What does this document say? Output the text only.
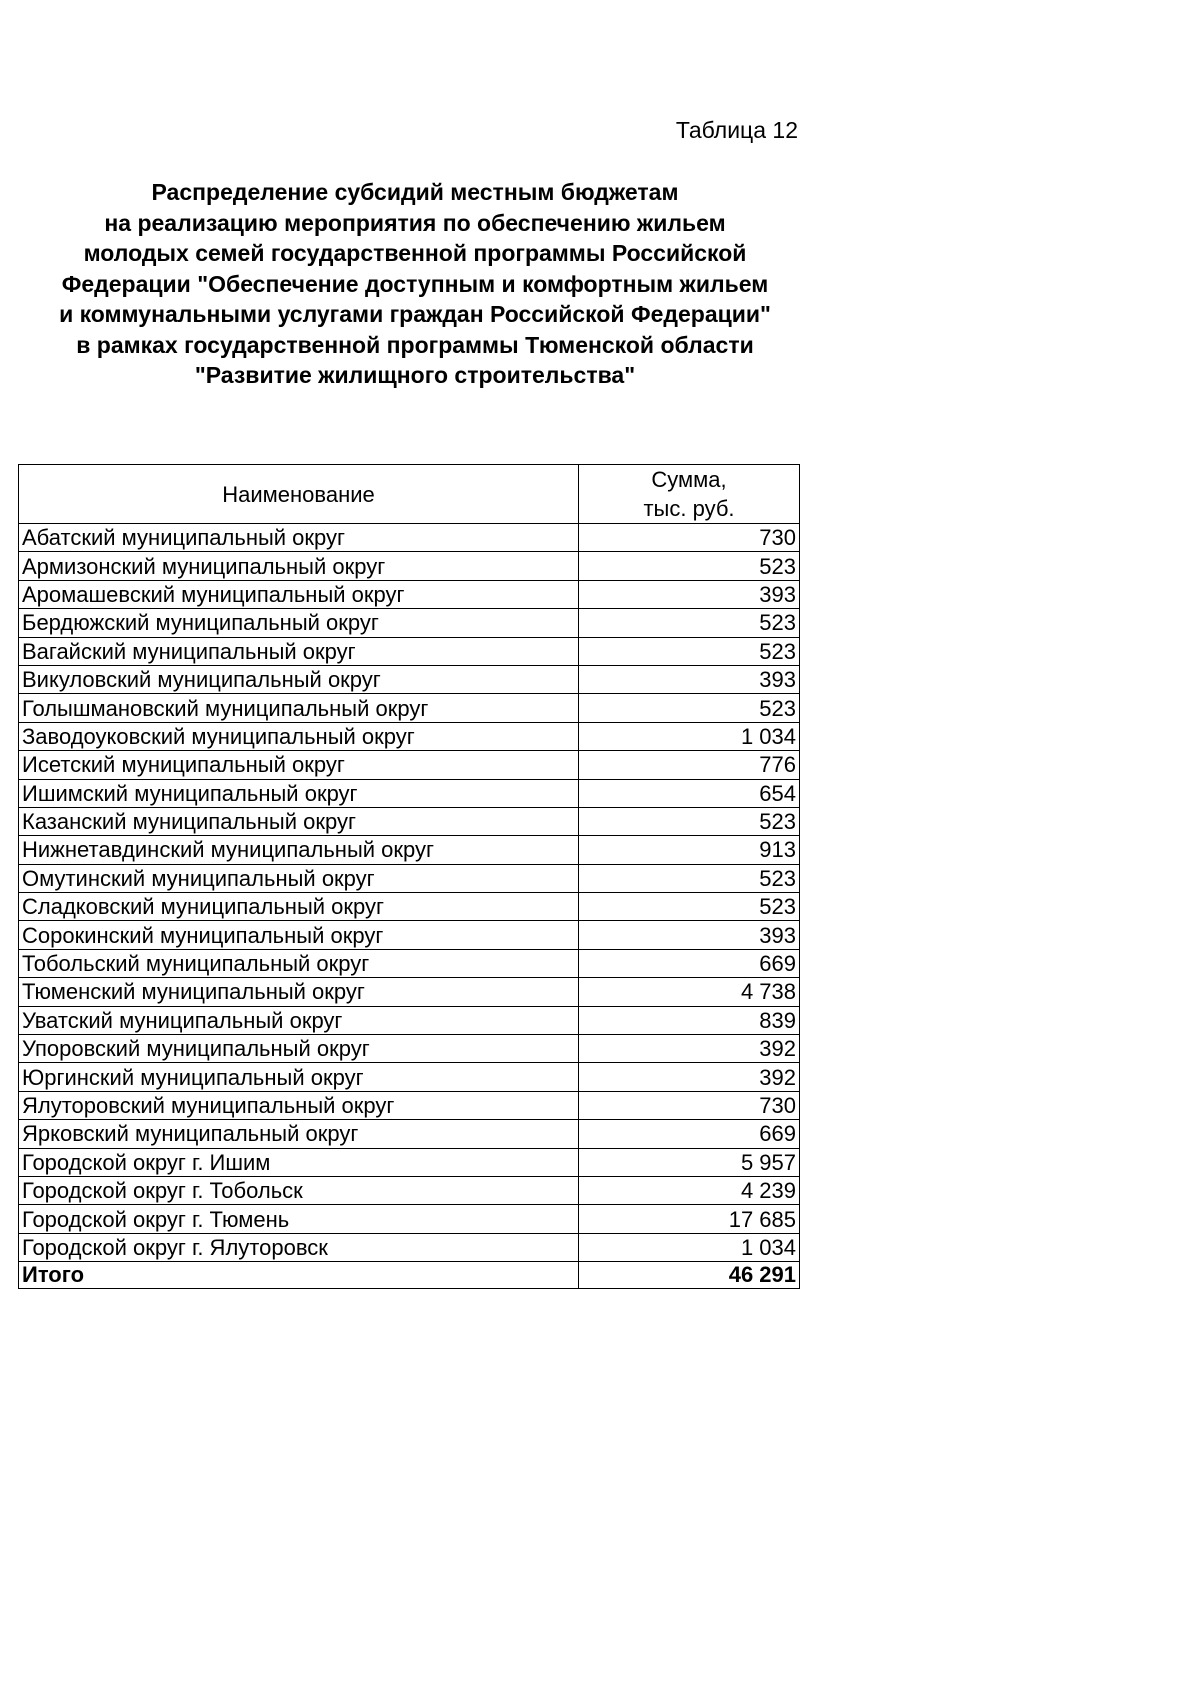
Таблица 12
Распределение субсидий местным бюджетам
на реализацию мероприятия по обеспечению жильем
молодых семей государственной программы Российской
Федерации "Обеспечение доступным и комфортным жильем
и коммунальными услугами граждан Российской Федерации"
в рамках государственной программы Тюменской области
"Развитие жилищного строительства"
Наименование	Сумма,
тыс. руб.

Абатский муниципальный округ	730
Армизонский муниципальный округ	523
Аромашевский муниципальный округ	393
Бердюжский муниципальный округ	523
Вагайский муниципальный округ	523
Викуловский муниципальный округ	393
Голышмановский муниципальный округ	523
Заводоуковский муниципальный округ	1 034
Исетский муниципальный округ	776
Ишимский муниципальный округ	654
Казанский муниципальный округ	523
Нижнетавдинский муниципальный округ	913
Омутинский муниципальный округ	523
Сладковский муниципальный округ	523
Сорокинский муниципальный округ	393
Тобольский муниципальный округ	669
Тюменский муниципальный округ	4 738
Уватский муниципальный округ	839
Упоровский муниципальный округ	392
Юргинский муниципальный округ	392
Ялуторовский муниципальный округ	730
Ярковский муниципальный округ	669
Городской округ г. Ишим	5 957
Городской округ г. Тобольск	4 239
Городской округ г. Тюмень	17 685
Городской округ г. Ялуторовск	1 034
Итого	46 291
